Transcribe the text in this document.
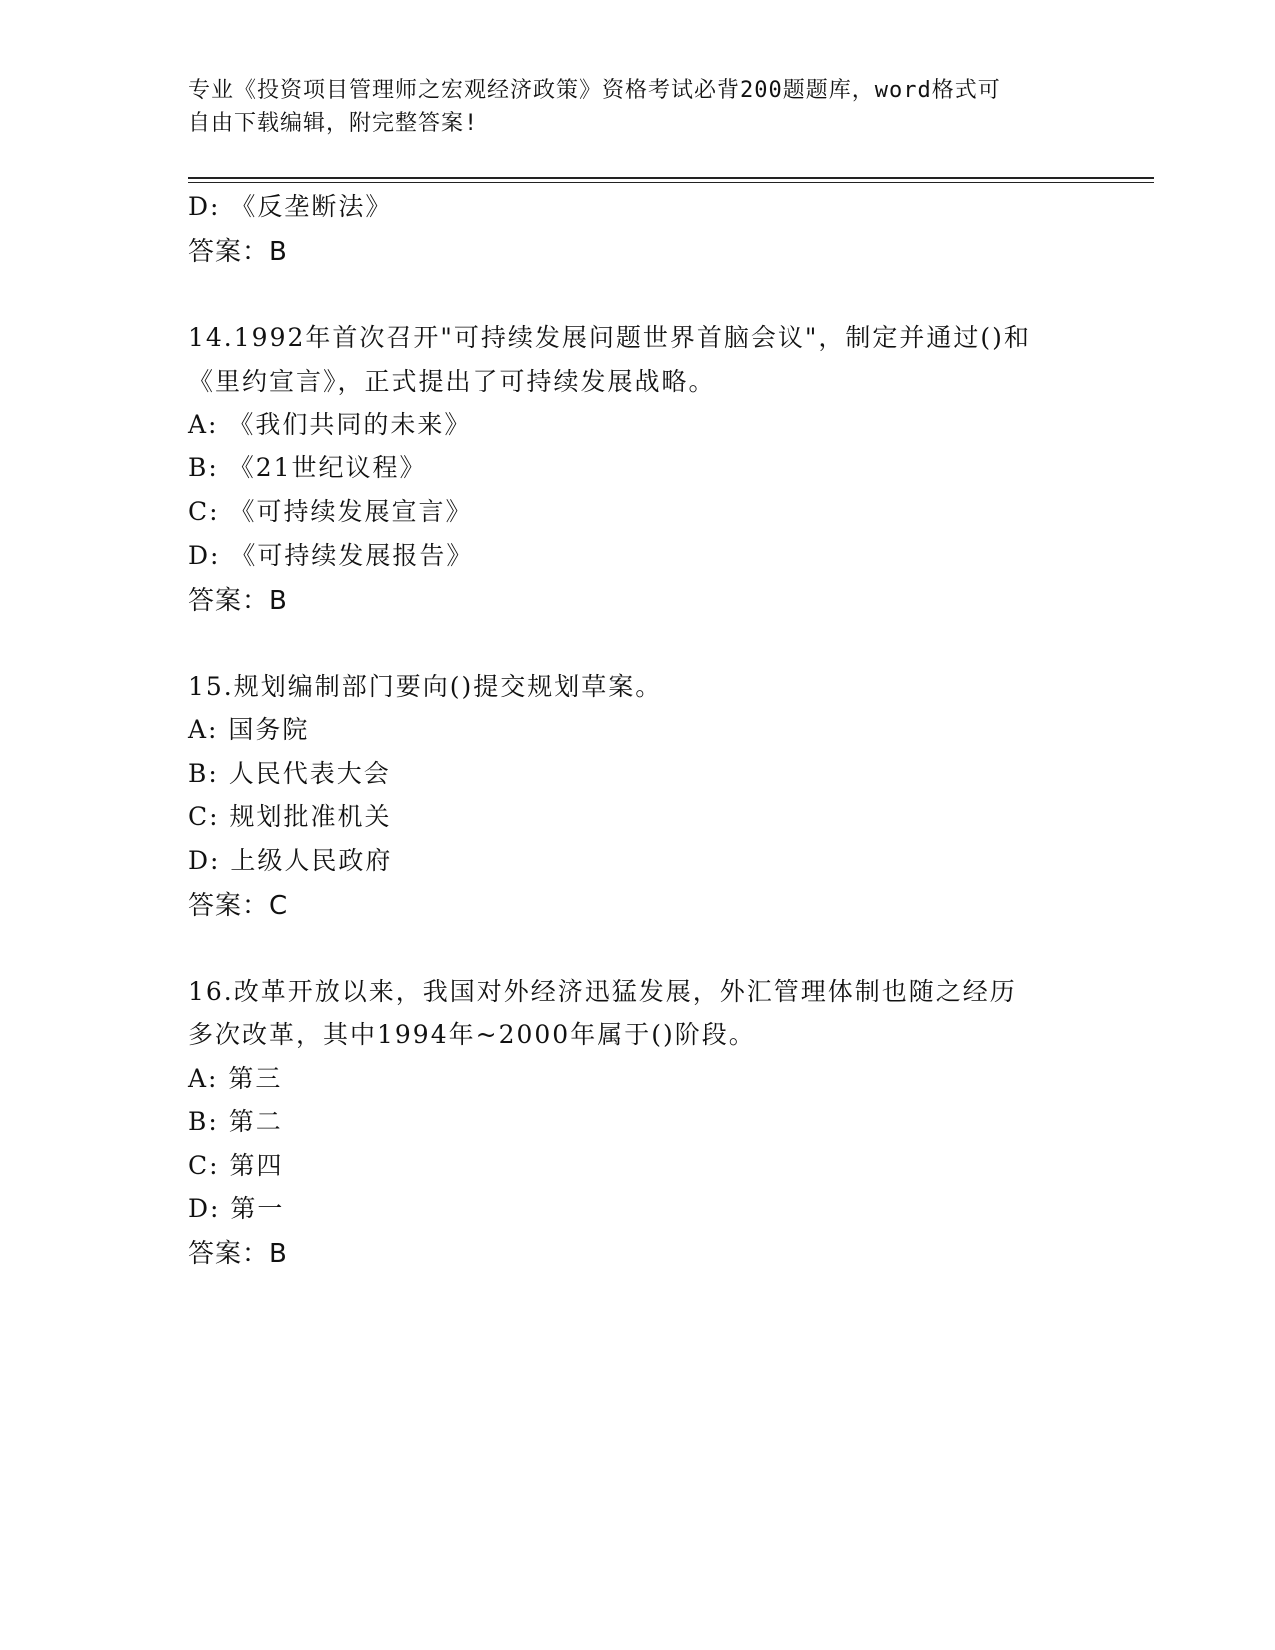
专业《投资项目管理师之宏观经济政策》资格考试必背200题题库，word格式可
自由下载编辑，附完整答案!
D: 《反垄断法》
答案：B
14.1992年首次召开"可持续发展问题世界首脑会议"，制定并通过()和
《里约宣言》，正式提出了可持续发展战略。
A: 《我们共同的未来》
B: 《21世纪议程》
C: 《可持续发展宣言》
D: 《可持续发展报告》
答案：B
15.规划编制部门要向()提交规划草案。
A: 国务院
B: 人民代表大会
C: 规划批准机关
D: 上级人民政府
答案：C
16.改革开放以来，我国对外经济迅猛发展，外汇管理体制也随之经历
多次改革，其中1994年~2000年属于()阶段。
A: 第三
B: 第二
C: 第四
D: 第一
答案：B
